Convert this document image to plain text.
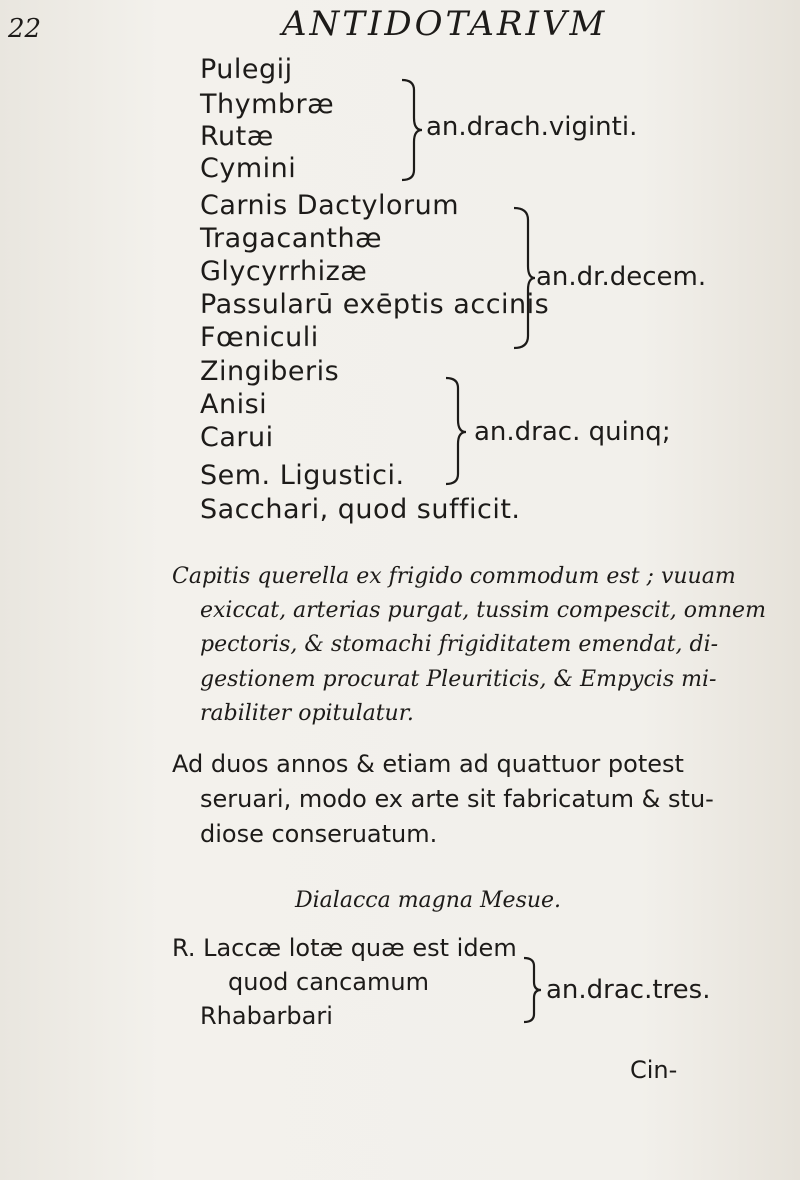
22	ANTIDOTARIVM
Pulegij
Thymbræ
Rutæ
Cymini
an.drach.viginti.
Carnis Dactylorum
Tragacanthæ
Glycyrrhizæ
Passularū exēptis accinis
Fœniculi
an.dr.decem.
Zingiberis
Anisi
Carui
Sem. Ligustici.
an.drac. quinq;
Sacchari, quod sufficit.
Capitis querella ex frigido commodum est ; vuuam
exiccat, arterias purgat, tussim compescit, omnem
pectoris, & stomachi frigiditatem emendat, di-
gestionem procurat Pleuriticis, & Empycis mi-
rabiliter opitulatur.
Ad duos annos & etiam ad quattuor potest
seruari, modo ex arte sit fabricatum & stu-
diose conseruatum.
Dialacca magna Mesue.
R. Laccæ lotæ quæ est idem
quod cancamum
Rhabarbari
an.drac.tres.
Cin-
